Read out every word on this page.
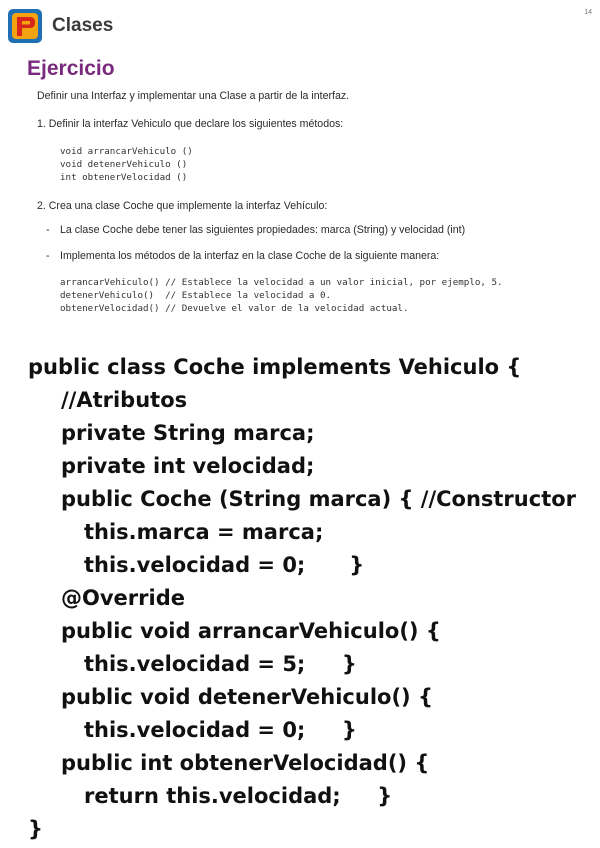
Clases
14
Ejercicio
Definir una Interfaz y implementar una Clase a partir de la interfaz.
1. Definir la interfaz Vehiculo que declare los siguientes métodos:
void arrancarVehiculo ()
void detenerVehiculo ()
int obtenerVelocidad ()
2. Crea una clase Coche que implemente la interfaz Vehículo:
- La clase Coche debe tener las siguientes propiedades: marca (String) y velocidad (int)
- Implementa los métodos de la interfaz en la clase Coche de la siguiente manera:
arrancarVehiculo() // Establece la velocidad a un valor inicial, por ejemplo, 5.
detenerVehiculo()  // Establece la velocidad a 0.
obtenerVelocidad() // Devuelve el valor de la velocidad actual.
public class Coche implements Vehiculo {
//Atributos
private String marca;
private int velocidad;
public Coche (String marca) { //Constructor
this.marca = marca;
this.velocidad = 0;      }
@Override
public void arrancarVehiculo() {
this.velocidad = 5;     }
public void detenerVehiculo() {
this.velocidad = 0;     }
public int obtenerVelocidad() {
return this.velocidad;     }
}
